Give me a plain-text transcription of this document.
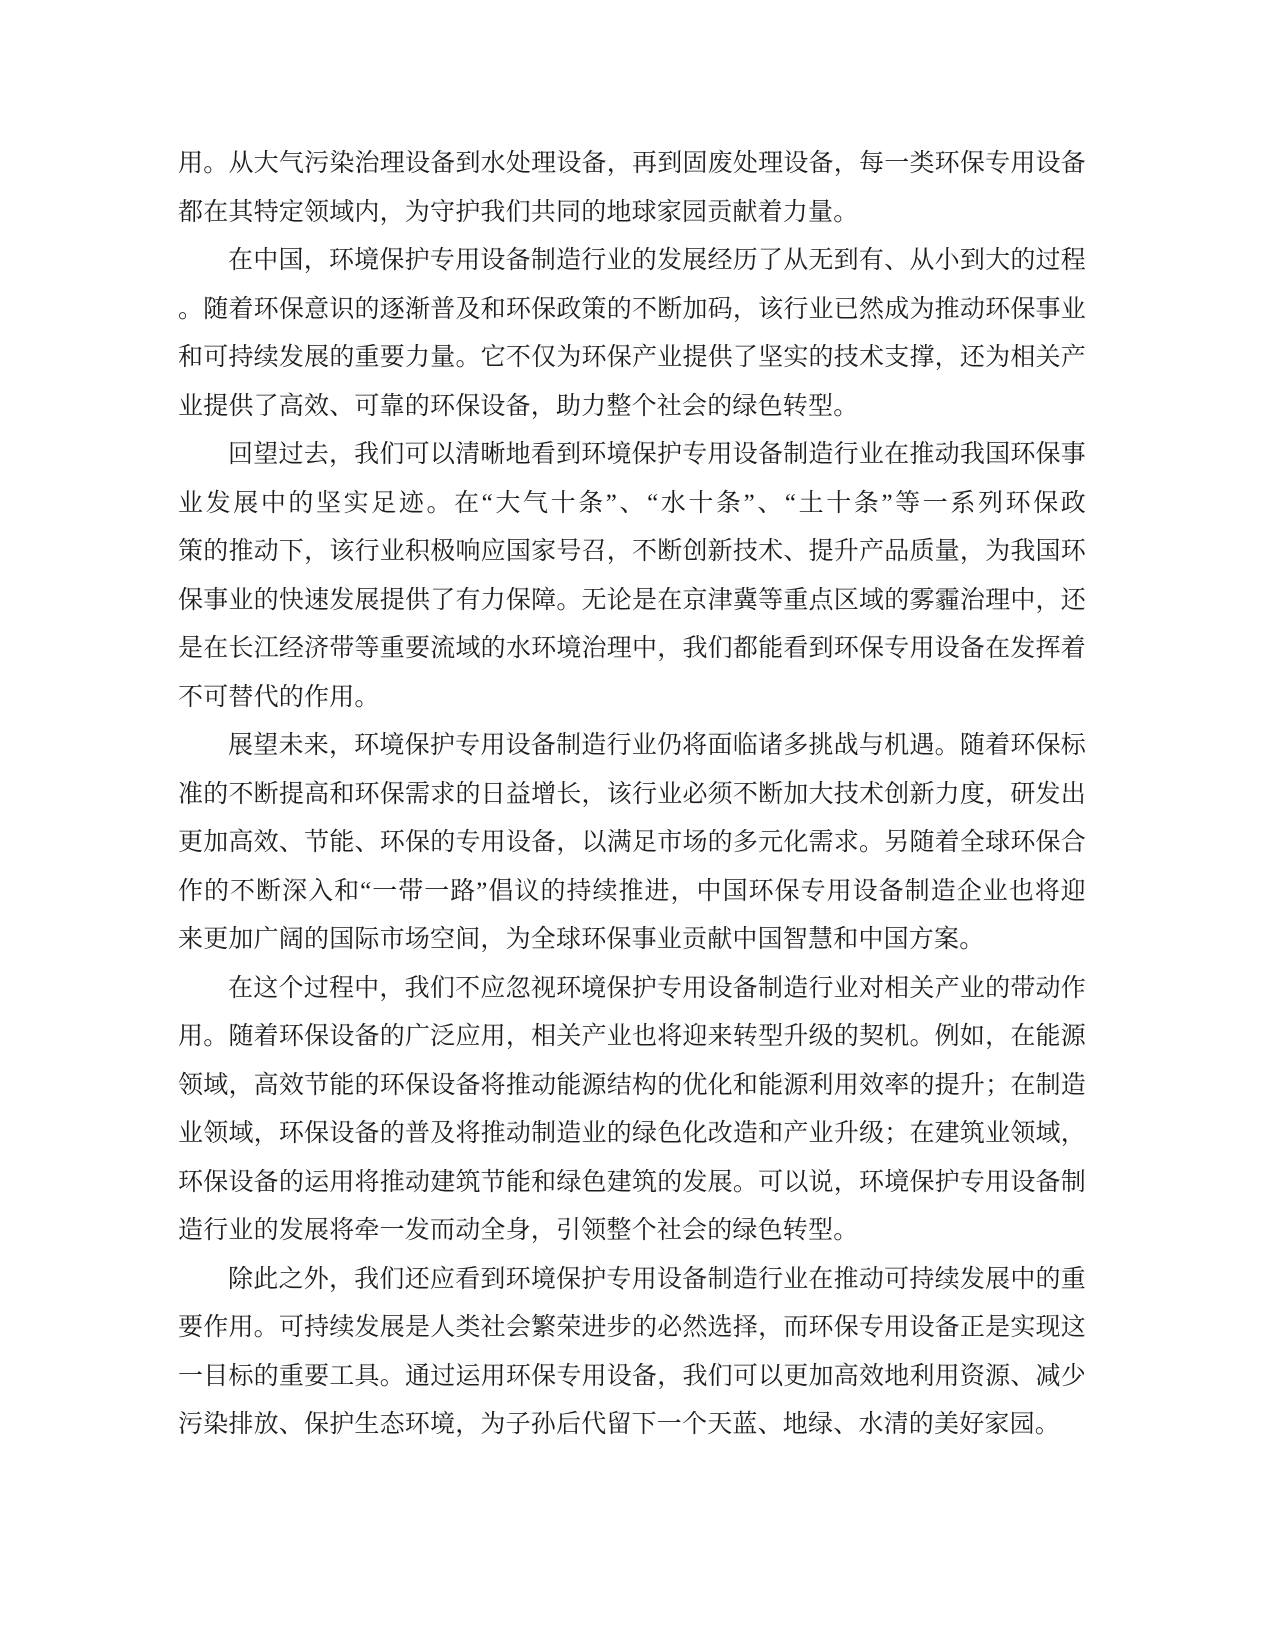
用。从大气污染治理设备到水处理设备，再到固废处理设备，每一类环保专用设备
都在其特定领域内，为守护我们共同的地球家园贡献着力量。
在中国，环境保护专用设备制造行业的发展经历了从无到有、从小到大的过程
。随着环保意识的逐渐普及和环保政策的不断加码，该行业已然成为推动环保事业
和可持续发展的重要力量。它不仅为环保产业提供了坚实的技术支撑，还为相关产
业提供了高效、可靠的环保设备，助力整个社会的绿色转型。
回望过去，我们可以清晰地看到环境保护专用设备制造行业在推动我国环保事
业发展中的坚实足迹。在“大气十条”、“水十条”、“土十条”等一系列环保政
策的推动下，该行业积极响应国家号召，不断创新技术、提升产品质量，为我国环
保事业的快速发展提供了有力保障。无论是在京津冀等重点区域的雾霾治理中，还
是在长江经济带等重要流域的水环境治理中，我们都能看到环保专用设备在发挥着
不可替代的作用。
展望未来，环境保护专用设备制造行业仍将面临诸多挑战与机遇。随着环保标
准的不断提高和环保需求的日益增长，该行业必须不断加大技术创新力度，研发出
更加高效、节能、环保的专用设备，以满足市场的多元化需求。另随着全球环保合
作的不断深入和“一带一路”倡议的持续推进，中国环保专用设备制造企业也将迎
来更加广阔的国际市场空间，为全球环保事业贡献中国智慧和中国方案。
在这个过程中，我们不应忽视环境保护专用设备制造行业对相关产业的带动作
用。随着环保设备的广泛应用，相关产业也将迎来转型升级的契机。例如，在能源
领域，高效节能的环保设备将推动能源结构的优化和能源利用效率的提升；在制造
业领域，环保设备的普及将推动制造业的绿色化改造和产业升级；在建筑业领域，
环保设备的运用将推动建筑节能和绿色建筑的发展。可以说，环境保护专用设备制
造行业的发展将牵一发而动全身，引领整个社会的绿色转型。
除此之外，我们还应看到环境保护专用设备制造行业在推动可持续发展中的重
要作用。可持续发展是人类社会繁荣进步的必然选择，而环保专用设备正是实现这
一目标的重要工具。通过运用环保专用设备，我们可以更加高效地利用资源、减少
污染排放、保护生态环境，为子孙后代留下一个天蓝、地绿、水清的美好家园。
